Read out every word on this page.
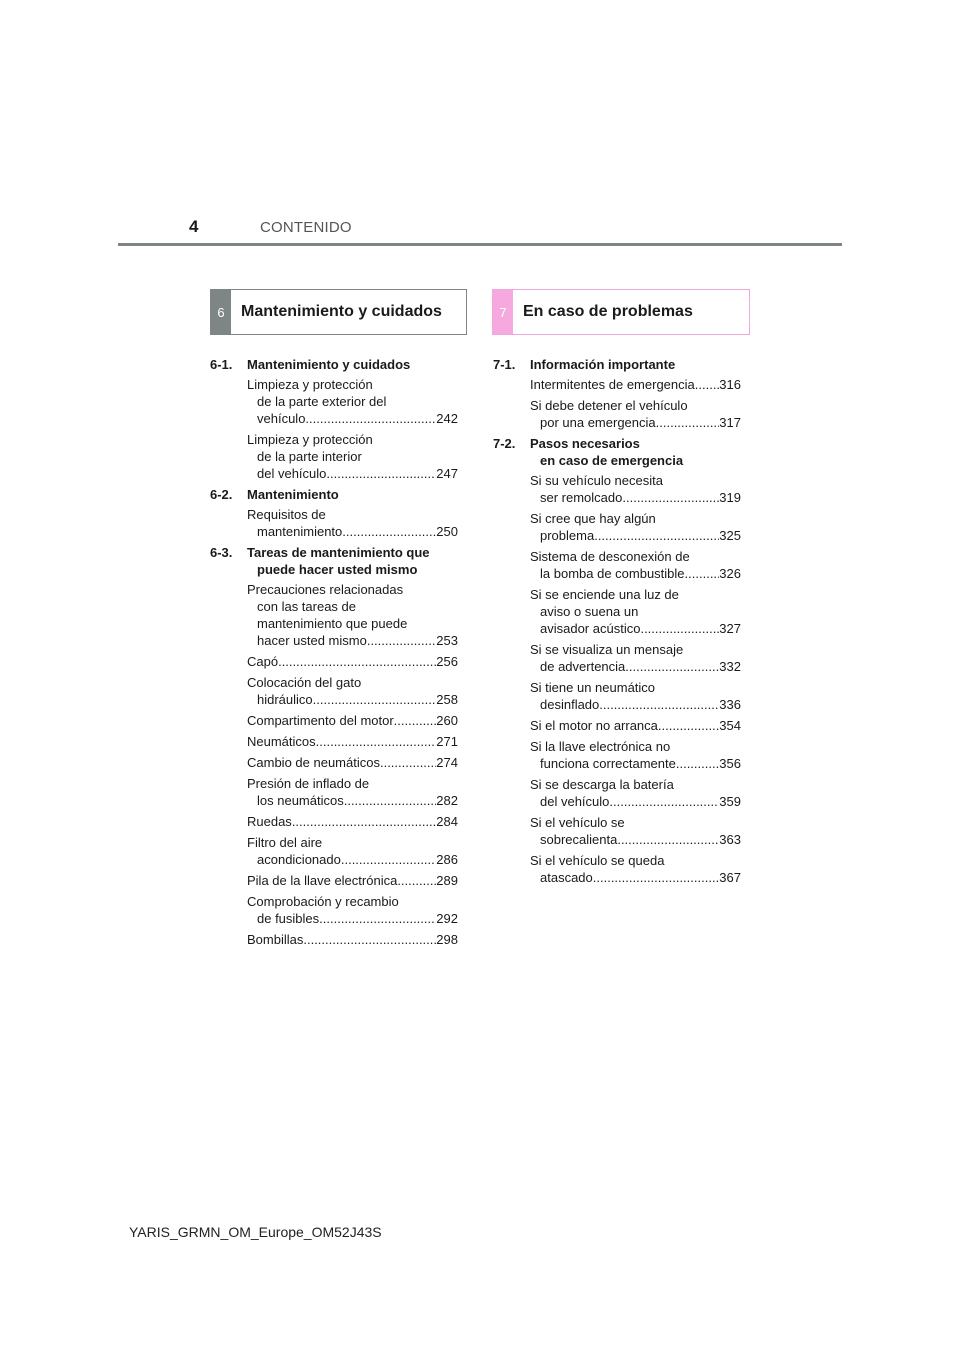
4	CONTENIDO
6	Mantenimiento y cuidados	7	En caso de problemas
6-1.	Mantenimiento y cuidados
Limpieza y protección
de la parte exterior del
vehículo .....	242
Limpieza y protección
de la parte interior
del vehículo .....	247
6-2.	Mantenimiento
Requisitos de
mantenimiento .....	250
6-3.	Tareas de mantenimiento que
puede hacer usted mismo
Precauciones relacionadas
con las tareas de
mantenimiento que puede
hacer usted mismo .....	253
Capó .....	256
Colocación del gato
hidráulico .....	258
Compartimento del motor .....	260
Neumáticos .....	271
Cambio de neumáticos .....	274
Presión de inflado de
los neumáticos .....	282
Ruedas .....	284
Filtro del aire
acondicionado .....	286
Pila de la llave electrónica .....	289
Comprobación y recambio
de fusibles .....	292
Bombillas .....	298
7-1.	Información importante
Intermitentes de emergencia ..... 316
Si debe detener el vehículo
por una emergencia .....	317
7-2.	Pasos necesarios
en caso de emergencia
Si su vehículo necesita
ser remolcado .....	319
Si cree que hay algún
problema .....	325
Sistema de desconexión de
la bomba de combustible .....	326
Si se enciende una luz de
aviso o suena un
avisador acústico .....	327
Si se visualiza un mensaje
de advertencia .....	332
Si tiene un neumático
desinflado .....	336
Si el motor no arranca .....	354
Si la llave electrónica no
funciona correctamente .....	356
Si se descarga la batería
del vehículo .....	359
Si el vehículo se
sobrecalienta .....	363
Si el vehículo se queda
atascado .....	367
YARIS_GRMN_OM_Europe_OM52J43S
